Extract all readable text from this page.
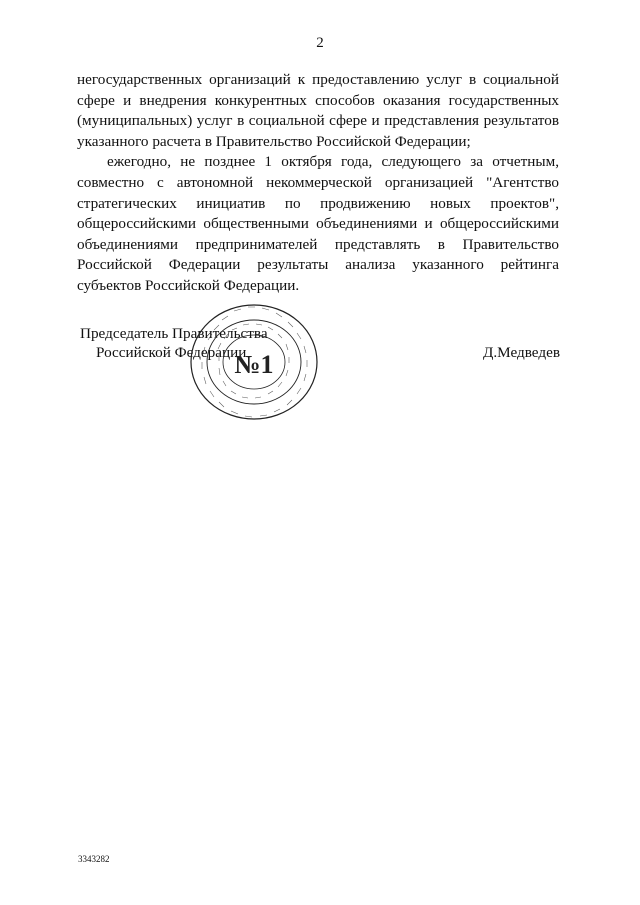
2

негосударственных организаций к предоставлению услуг в социальной сфере и внедрения конкурентных способов оказания государственных (муниципальных) услуг в социальной сфере и представления результатов указанного расчета в Правительство Российской Федерации;

ежегодно, не позднее 1 октября года, следующего за отчетным, совместно с автономной некоммерческой организацией "Агентство стратегических инициатив по продвижению новых проектов", общероссийскими общественными объединениями и общероссийскими объединениями предпринимателей представлять в Правительство Российской Федерации результаты анализа указанного рейтинга субъектов Российской Федерации.

Председатель Правительства
Российской Федерации	Д.Медведев
№1
3343282
